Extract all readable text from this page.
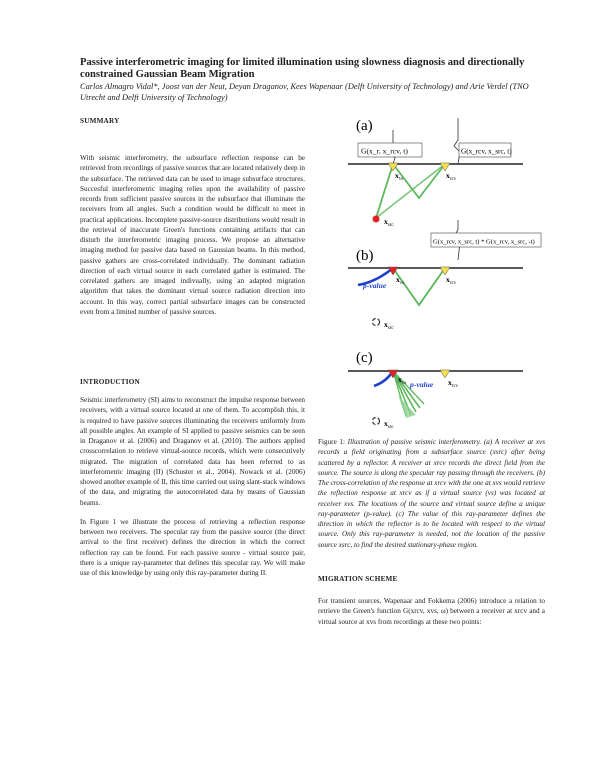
Passive interferometric imaging for limited illumination using slowness diagnosis and directionally constrained Gaussian Beam Migration
Carlos Almagro Vidal*, Joost van der Neut, Deyan Draganov, Kees Wapenaar (Delft University of Technology) and Arie Verdel (TNO Utrecht and Delft University of Technology)
SUMMARY
With seismic interferometry, the subsurface reflection response can be retrieved from recordings of passive sources that are located relatively deep in the subsurface. The retrieved data can be used to image subsurface structures. Succesful interferometric imaging relies upon the availability of passive records from sufficient passive sources in the subsurface that illuminate the receivers from all angles. Such a condition would be difficult to meet in practical applications. Incomplete passive-source distributions would result in the retrieval of inaccurate Green's functions containing artifacts that can disturb the interferometric imaging process. We propose an alternative imaging method for passive data based on Gaussian beams. In this method, passive gathers are cross-correlated individually. The dominant radiation direction of each virtual source in each correlated gather is estimated. The correlated gathers are imaged indivually, using an adapted migration algorithm that takes the dominant virtual source radiation direction into account. In this way, correct partial subsurface images can be constructed even from a limited number of passive sources.
INTRODUCTION

Seismic interferometry (SI) aims to reconstruct the impulse response between receivers, with a virtual source located at one of them. To accomplish this, it is required to have passive sources illuminating the receivers uniformly from all possible angles. An example of SI applied to passive seismics can be seen in Draganov et al. (2006) and Draganov et al. (2010). The authors applied crosscorrelation to retrieve virtual-source records, which were consecutively migrated. The migration of correlated data has been referred to as interferometric imaging (II) (Schuster et al., 2004). Nowack et al. (2006) showed another example of II, this time carried out using slant-stack windows of the data, and migrating the autocorrelated data by means of Gaussian beams.

In Figure 1 we illustrate the process of retrieving a reflection response between two receivers. The specular ray from the passive source (the direct arrival to the first receiver) defines the direction in which the correct reflection ray can be found. For each passive source - virtual source pair, there is a unique ray-parameter that defines this specular ray. We will make use of this knowledge by using only this ray-parameter during II.

(a)
G(x_r, x_rcv, t)	G(x_rcv, x_src, t)
$x_{vs}$	$x_{rcv}$
$x_{src}$
(b)
G(x_rcv, x_src, t) * G(x_rcv, x_src, -t)
p-value
$x_{vs}$	$x_{rcv}$
$x_{src}$
(c)
p-value
$x_{vs}$	$x_{rcv}$
$x_{src}$
Figure 1: Illustration of passive seismic interferometry. (a) A receiver at xvs records a field originating from a subsurface source (xsrc) after being scattered by a reflector. A receiver at xrcv records the direct field from the source. The source is along the specular ray passing through the receivers. (b) The cross-correlation of the response at xrcv with the one at xvs would retrieve the reflection response at xrcv as if a virtual source (vs) was located at receiver xvs. The locations of the source and virtual source define a unique ray-parameter (p-value). (c) The value of this ray-parameter defines the direction in which the reflector is to be located with respect to the virtual source. Only this ray-parameter is needed, not the location of the passive source xsrc, to find the desired stationary-phase region.
MIGRATION SCHEME
For transient sources, Wapenaar and Fokkema (2006) introduce a relation to retrieve the Green's function G(xrcv, xvs, ω) between a receiver at xrcv and a virtual source at xvs from recordings at these two points:
